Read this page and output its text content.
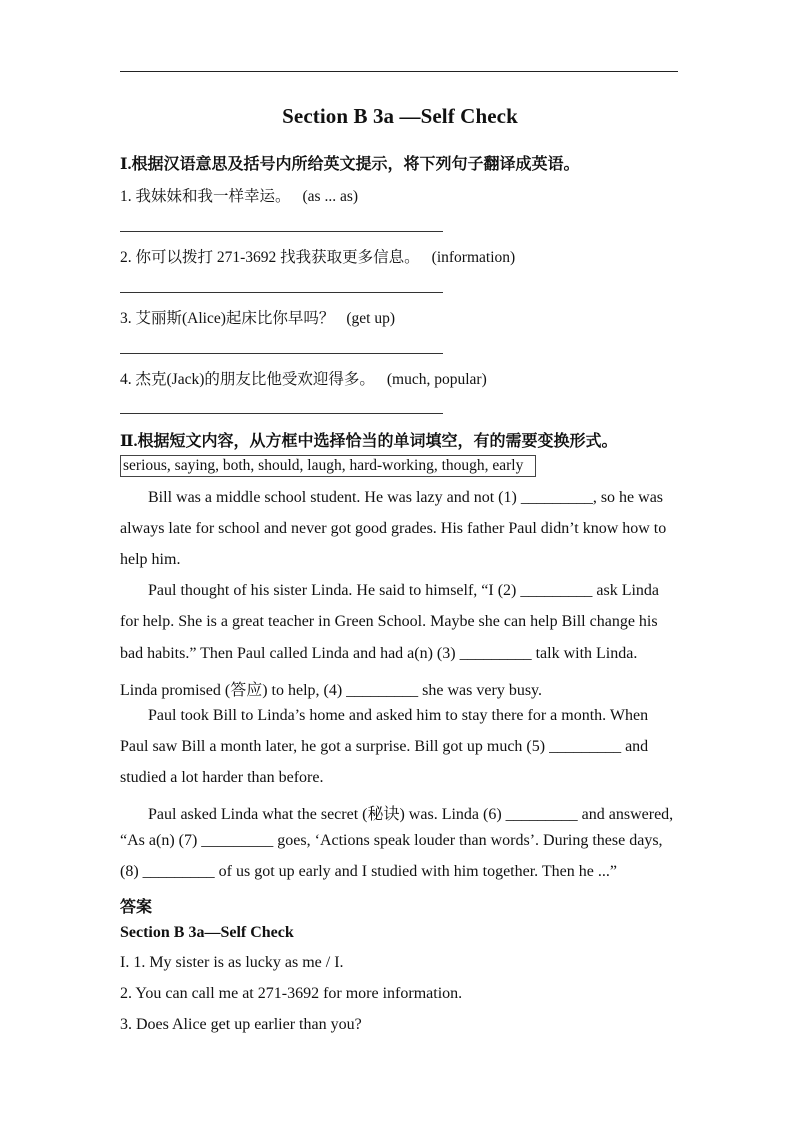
Section B 3a —Self Check
Ⅰ.根据汉语意思及括号内所给英文提示，将下列句子翻译成英语。
1. 我妹妹和我一样幸运。 (as ... as)
2. 你可以拨打 271-3692 找我获取更多信息。 (information)
3. 艾丽斯(Alice)起床比你早吗？ (get up)
4. 杰克(Jack)的朋友比他受欢迎得多。 (much, popular)
Ⅱ.根据短文内容，从方框中选择恰当的单词填空，有的需要变换形式。
serious, saying, both, should, laugh, hard-working, though, early
Bill was a middle school student. He was lazy and not (1) _________, so he was
always late for school and never got good grades. His father Paul didn’t know how to
help him.
Paul thought of his sister Linda. He said to himself, “I (2) _________ ask Linda
for help. She is a great teacher in Green School. Maybe she can help Bill change his
bad habits.” Then Paul called Linda and had a(n) (3) _________ talk with Linda.
Linda promised (答应) to help, (4) _________ she was very busy.
Paul took Bill to Linda’s home and asked him to stay there for a month. When
Paul saw Bill a month later, he got a surprise. Bill got up much (5) _________ and
studied a lot harder than before.
Paul asked Linda what the secret (秘诀) was. Linda (6) _________ and answered,
“As a(n) (7) _________ goes, ‘Actions speak louder than words’. During these days,
(8) _________ of us got up early and I studied with him together. Then he ...”
答案
Section B 3a—Self Check
I. 1. My sister is as lucky as me / I.
2. You can call me at 271-3692 for more information.
3. Does Alice get up earlier than you?
